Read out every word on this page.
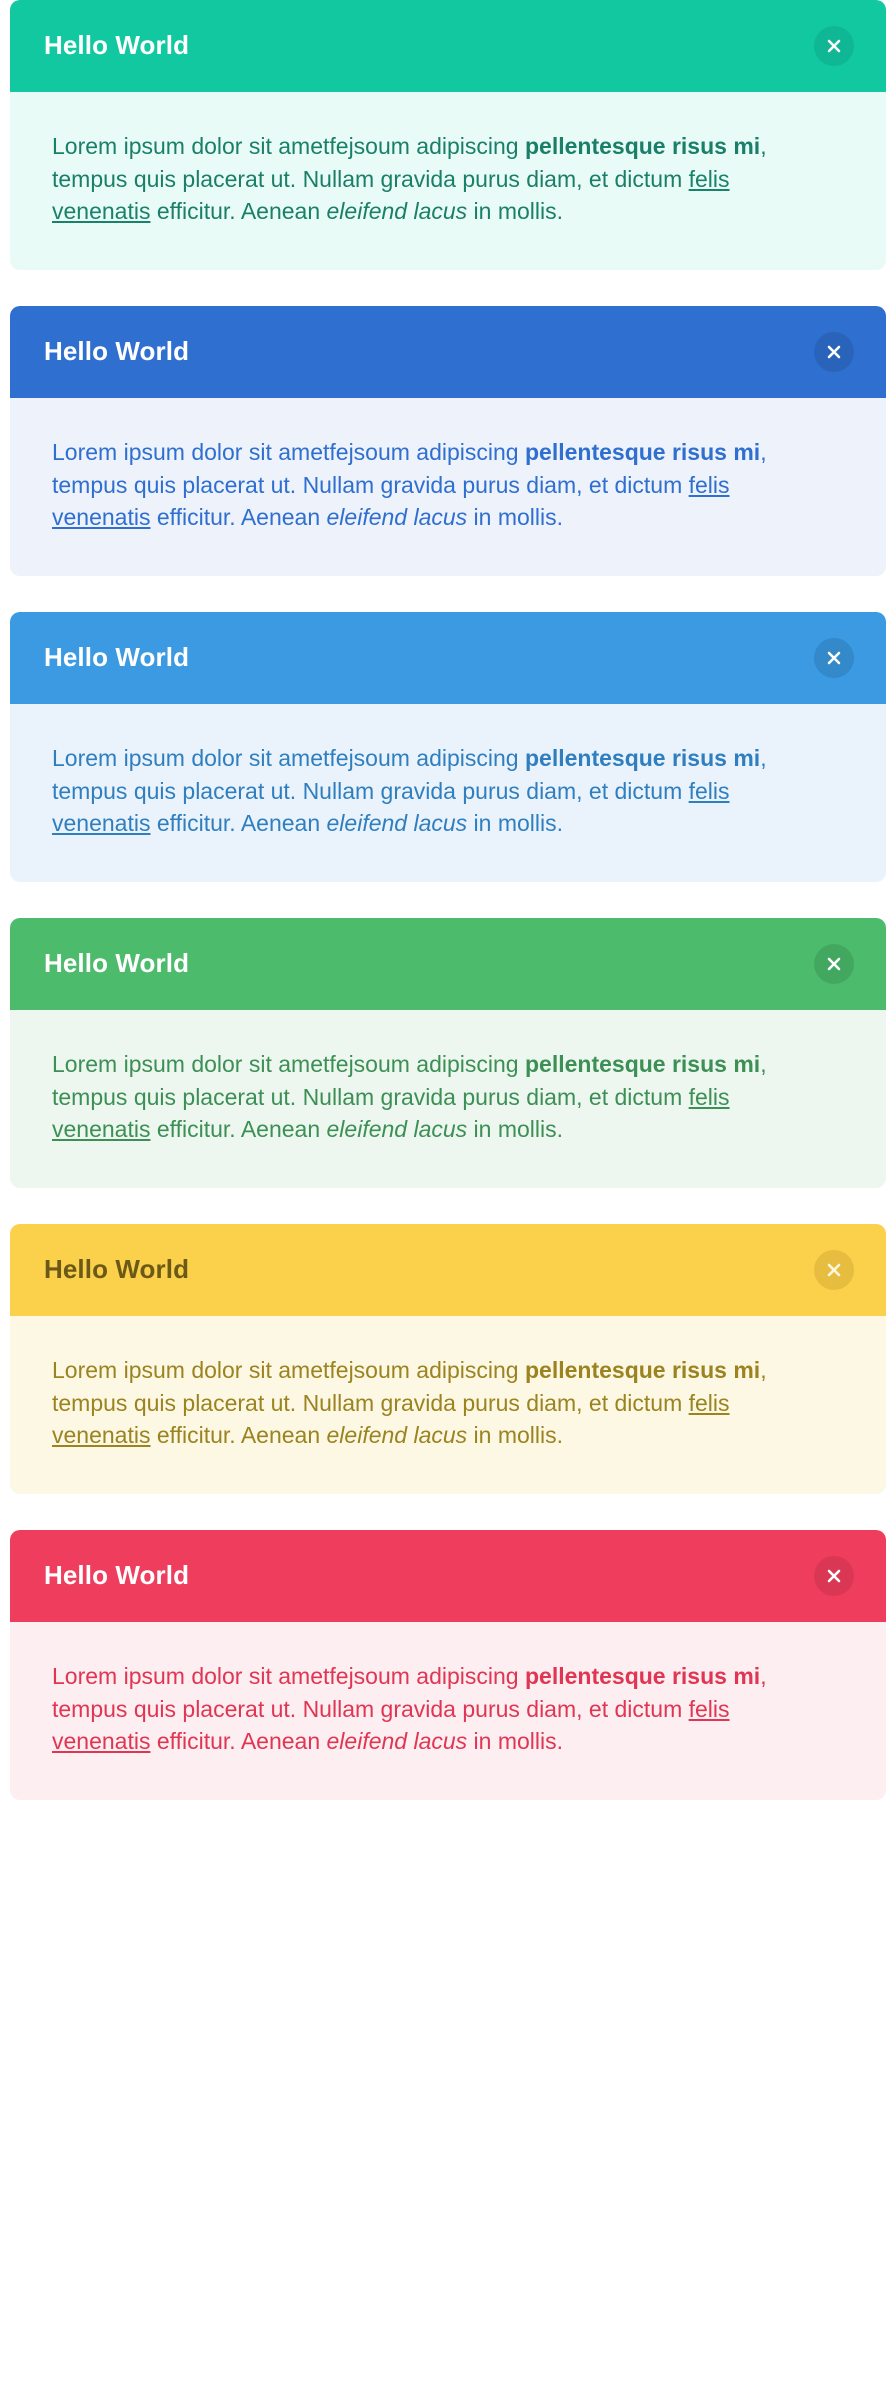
Hello World

Lorem ipsum dolor sit ametfejsoum adipiscing pellentesque risus mi, tempus quis placerat ut. Nullam gravida purus diam, et dictum felis venenatis efficitur. Aenean eleifend lacus in mollis.

Hello World

Lorem ipsum dolor sit ametfejsoum adipiscing pellentesque risus mi, tempus quis placerat ut. Nullam gravida purus diam, et dictum felis venenatis efficitur. Aenean eleifend lacus in mollis.

Hello World

Lorem ipsum dolor sit ametfejsoum adipiscing pellentesque risus mi, tempus quis placerat ut. Nullam gravida purus diam, et dictum felis venenatis efficitur. Aenean eleifend lacus in mollis.

Hello World

Lorem ipsum dolor sit ametfejsoum adipiscing pellentesque risus mi, tempus quis placerat ut. Nullam gravida purus diam, et dictum felis venenatis efficitur. Aenean eleifend lacus in mollis.

Hello World

Lorem ipsum dolor sit ametfejsoum adipiscing pellentesque risus mi, tempus quis placerat ut. Nullam gravida purus diam, et dictum felis venenatis efficitur. Aenean eleifend lacus in mollis.

Hello World

Lorem ipsum dolor sit ametfejsoum adipiscing pellentesque risus mi, tempus quis placerat ut. Nullam gravida purus diam, et dictum felis venenatis efficitur. Aenean eleifend lacus in mollis.
